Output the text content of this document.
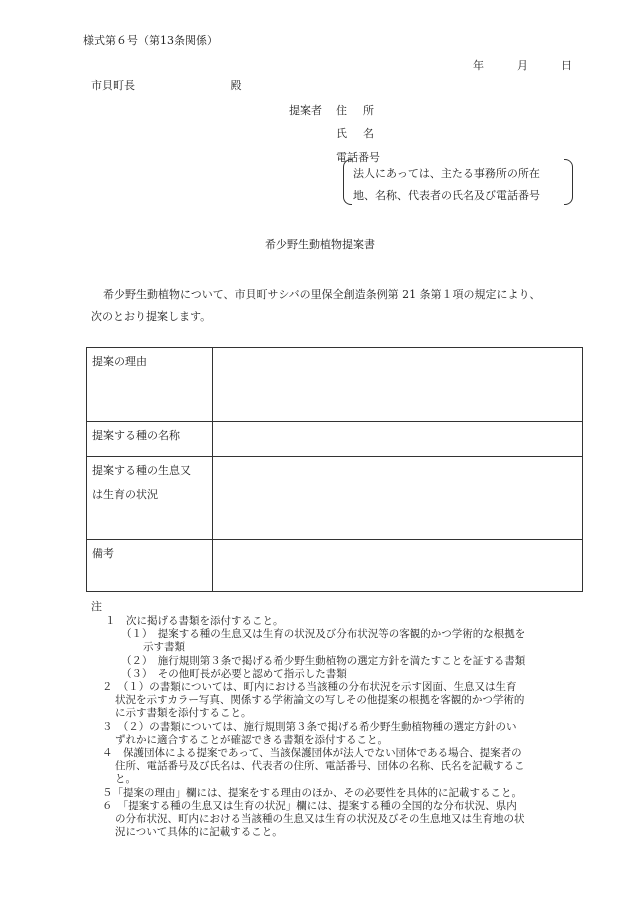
様式第６号（第13条関係）
年	月	日
市貝町長	殿
提案者 住所
氏名
電話番号
法人にあっては、主たる事務所の所在
地、名称、代表者の氏名及び電話番号
希少野生動植物提案書
希少野生動植物について、市貝町サシバの里保全創造条例第 21 条第１項の規定により、
次のとおり提案します。
提案の理由	
提案する種の名称	

提案する種の生息又
は生育の状況	

備考	
注
１　次に掲げる書類を添付すること。
（１）　提案する種の生息又は生育の状況及び分布状況等の客観的かつ学術的な根拠を
示す書類
（２）　施行規則第３条で掲げる希少野生動植物の選定方針を満たすことを証する書類
（３）　その他町長が必要と認めて指示した書類
２　（１）の書類については、町内における当該種の分布状況を示す図面、生息又は生育
状況を示すカラー写真、関係する学術論文の写しその他提案の根拠を客観的かつ学術的
に示す書類を添付すること。
３　（２）の書類については、施行規則第３条で掲げる希少野生動植物種の選定方針のい
ずれかに適合することが確認できる書類を添付すること。
４　保護団体による提案であって、当該保護団体が法人でない団体である場合、提案者の
住所、電話番号及び氏名は、代表者の住所、電話番号、団体の名称、氏名を記載するこ
と。
５「提案の理由」欄には、提案をする理由のほか、その必要性を具体的に記載すること。
６　「提案する種の生息又は生育の状況」欄には、提案する種の全国的な分布状況、県内
の分布状況、町内における当該種の生息又は生育の状況及びその生息地又は生育地の状
況について具体的に記載すること。
